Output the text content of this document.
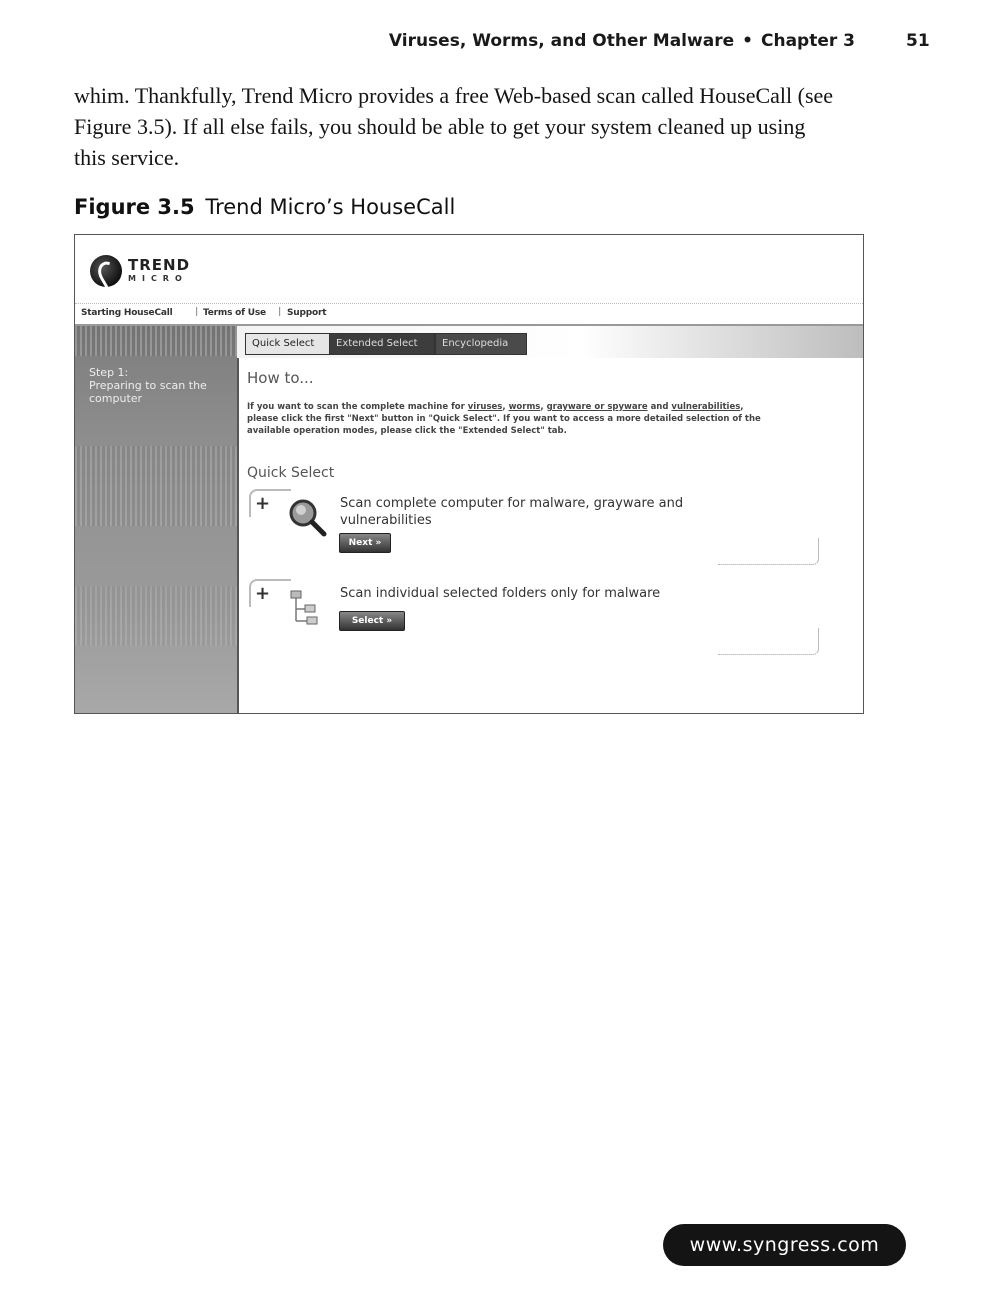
Viruses, Worms, and Other Malware • Chapter 3	51

whim. Thankfully, Trend Micro provides a free Web-based scan called HouseCall (see

Figure 3.5). If all else fails, you should be able to get your system cleaned up using

this service.

Figure 3.5 Trend Micro’s HouseCall
TREND
MICRO
Starting HouseCall	| Terms of Use | Support
Step 1:
Preparing to scan the computer
Quick Select	Extended Select	Encyclopedia
How to...
If you want to scan the complete machine for viruses, worms, grayware or spyware and vulnerabilities, please click the first "Next" button in "Quick Select". If you want to access a more detailed selection of the available operation modes, please click the "Extended Select" tab.
Quick Select
+	Scan complete computer for malware, grayware and vulnerabilities
Next »
+	Scan individual selected folders only for malware
Select »
www.syngress.com
